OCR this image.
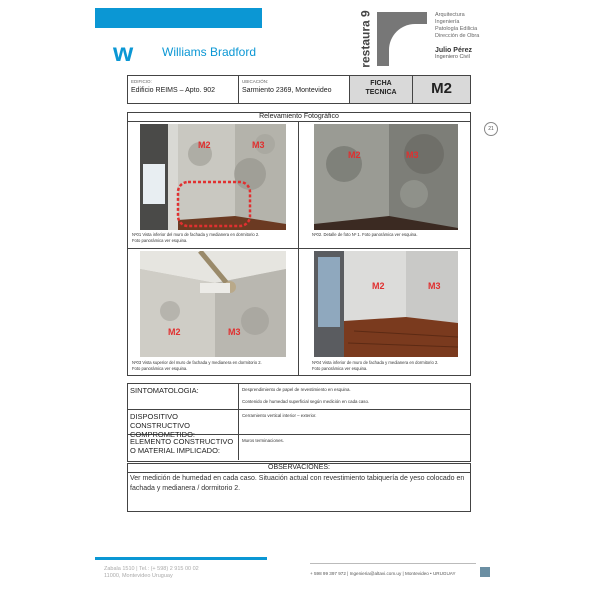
w	Williams Bradford	restaura 9	Arquitectura
Ingeniería
Patología Edilicia
Dirección de Obra
Julio Pérez
Ingeniero Civil
EDIFICIO:
Edificio REIMS – Apto. 902
UBICACIÓN:
Sarmiento 2369, Montevideo
FICHA
TECNICA	M2
21
Relevamiento Fotográfico
M2	M3
Nº01 Vista inferior del muro de fachada y medianera en dormitorio 2.
Foto panorámica ver esquina.
M2	M3
Nº02. Detalle de foto Nº 1. Foto panorámica ver esquina.
M2	M3
Nº03 Vista superior del muro de fachada y medianera en dormitorio 2.
Foto panorámica ver esquina.
M2	M3
Nº04 Vista inferior de muro de fachada y medianera en dormitorio 2.
Foto panorámica ver esquina.
SINTOMATOLOGIA:	Desprendimiento de papel de revestimiento en esquina.
Contenido de humedad superficial según medición en cada caso.
DISPOSITIVO CONSTRUCTIVO COMPROMETIDO:
Cerramiento vertical interior – exterior.
ELEMENTO CONSTRUCTIVO O MATERIAL IMPLICADO:
Muros terminaciones.
OBSERVACIONES:
Ver medición de humedad en cada caso. Situación actual con revestimiento tabiquería de yeso colocado en fachada y medianera / dormitorio 2.
Zabala 1510 | Tel.: (+ 598) 2 915 00 02
11000, Montevideo Uruguay	+ 598 99 397 972 | Ingenieria@altavi.com.uy | Montevideo • URUGUAY
